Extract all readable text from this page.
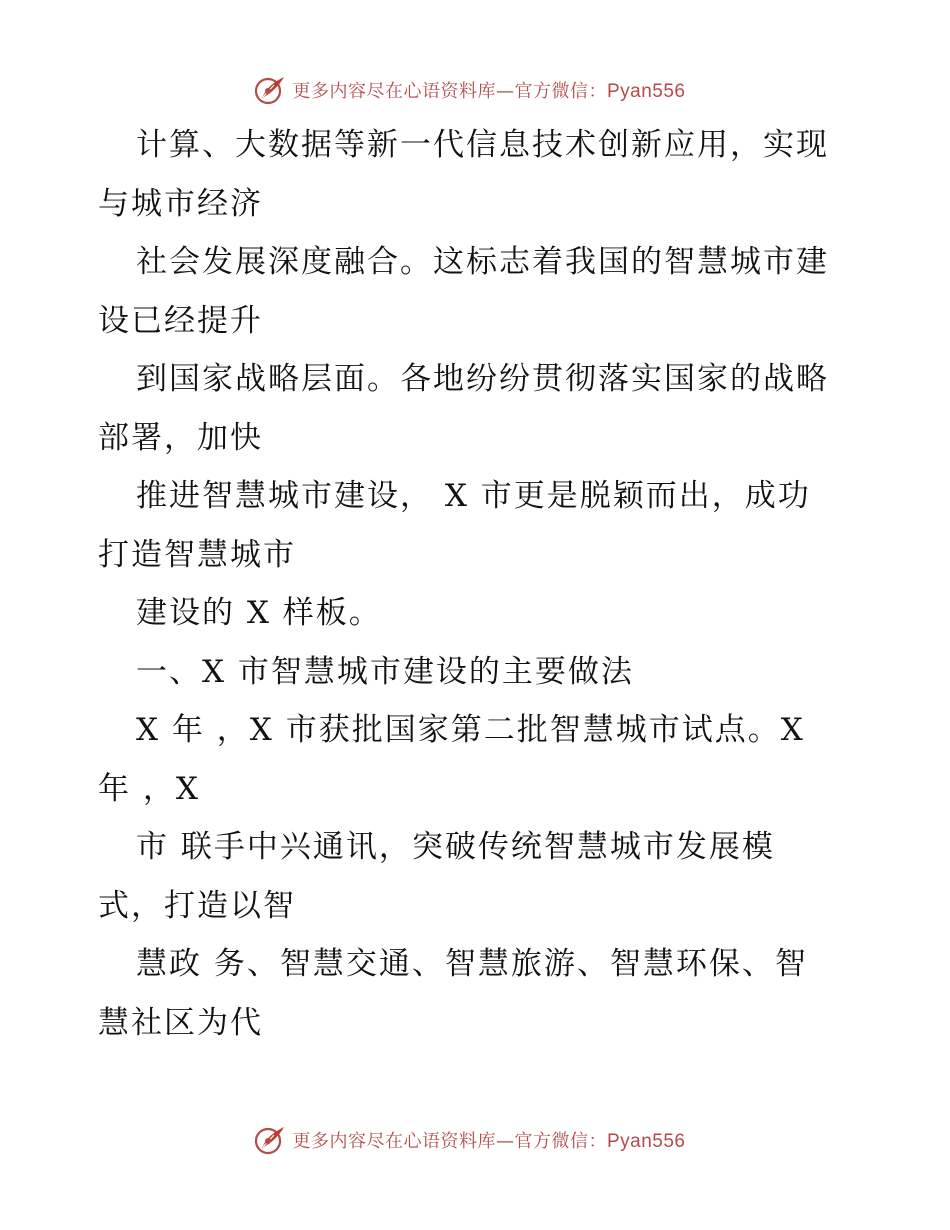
更多内容尽在心语资料库—官方微信：Pyan556
计算、大数据等新一代信息技术创新应用，实现
与城市经济
社会发展深度融合。这标志着我国的智慧城市建
设已经提升
到国家战略层面。各地纷纷贯彻落实国家的战略
部署，加快
推进智慧城市建设， X 市更是脱颖而出，成功
打造智慧城市
建设的 X 样板。
一、X 市智慧城市建设的主要做法
X 年 ，X 市获批国家第二批智慧城市试点。X
年 ，X
市 联手中兴通讯，突破传统智慧城市发展模
式，打造以智
慧政 务、智慧交通、智慧旅游、智慧环保、智
慧社区为代
更多内容尽在心语资料库—官方微信：Pyan556
